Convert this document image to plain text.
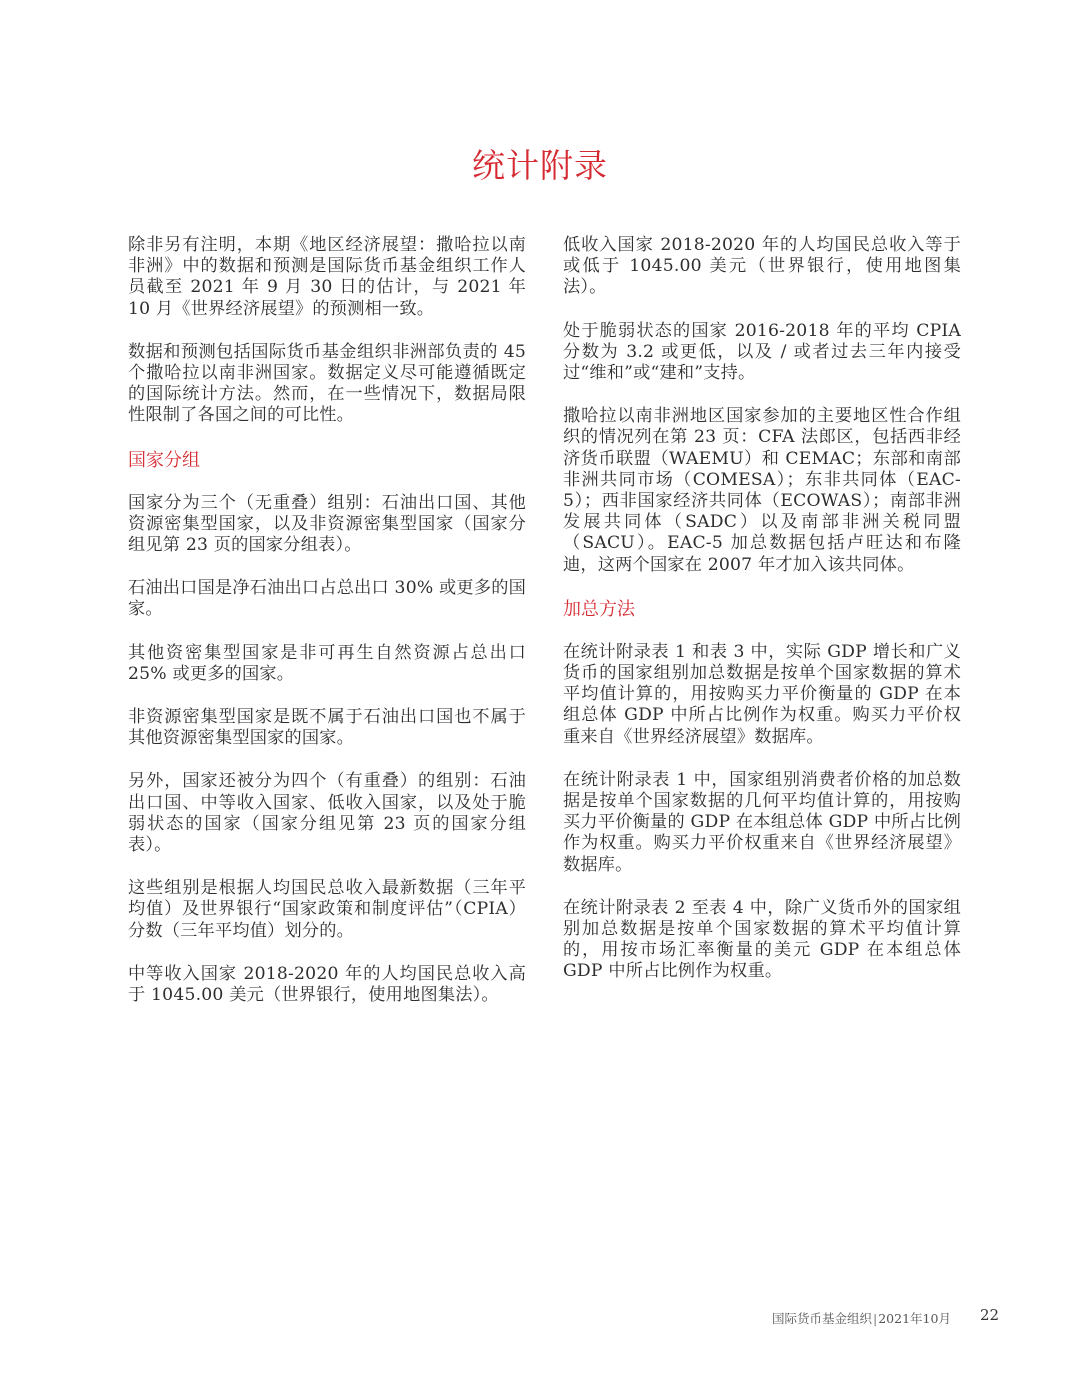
统计附录

除非另有注明，本期《地区经济展望：撒哈拉以南非洲》中的数据和预测是国际货币基金组织工作人员截至 2021 年 9 月 30 日的估计，与 2021 年 10 月《世界经济展望》的预测相一致。

数据和预测包括国际货币基金组织非洲部负责的 45 个撒哈拉以南非洲国家。数据定义尽可能遵循既定的国际统计方法。然而，在一些情况下，数据局限性限制了各国之间的可比性。

国家分组

国家分为三个（无重叠）组别：石油出口国、其他资源密集型国家，以及非资源密集型国家（国家分组见第 23 页的国家分组表）。

石油出口国是净石油出口占总出口 30% 或更多的国家。

其他资密集型国家是非可再生自然资源占总出口 25% 或更多的国家。

非资源密集型国家是既不属于石油出口国也不属于其他资源密集型国家的国家。

另外，国家还被分为四个（有重叠）的组别：石油出口国、中等收入国家、低收入国家，以及处于脆弱状态的国家（国家分组见第 23 页的国家分组表）。

这些组别是根据人均国民总收入最新数据（三年平均值）及世界银行“国家政策和制度评估”（CPIA）分数（三年平均值）划分的。

中等收入国家 2018-2020 年的人均国民总收入高于 1045.00 美元（世界银行，使用地图集法）。

低收入国家 2018-2020 年的人均国民总收入等于或低于 1045.00 美元（世界银行，使用地图集法）。

处于脆弱状态的国家 2016-2018 年的平均 CPIA 分数为 3.2 或更低，以及 / 或者过去三年内接受过“维和”或“建和”支持。

撒哈拉以南非洲地区国家参加的主要地区性合作组织的情况列在第 23 页：CFA 法郎区，包括西非经济货币联盟（WAEMU）和 CEMAC；东部和南部非洲共同市场（COMESA）；东非共同体（EAC-5）；西非国家经济共同体（ECOWAS）；南部非洲发展共同体（SADC）以及南部非洲关税同盟（SACU）。EAC-5 加总数据包括卢旺达和布隆迪，这两个国家在 2007 年才加入该共同体。

加总方法

在统计附录表 1 和表 3 中，实际 GDP 增长和广义货币的国家组别加总数据是按单个国家数据的算术平均值计算的，用按购买力平价衡量的 GDP 在本组总体 GDP 中所占比例作为权重。购买力平价权重来自《世界经济展望》数据库。

在统计附录表 1 中，国家组别消费者价格的加总数据是按单个国家数据的几何平均值计算的，用按购买力平价衡量的 GDP 在本组总体 GDP 中所占比例作为权重。购买力平价权重来自《世界经济展望》数据库。

在统计附录表 2 至表 4 中，除广义货币外的国家组别加总数据是按单个国家数据的算术平均值计算的，用按市场汇率衡量的美元 GDP 在本组总体 GDP 中所占比例作为权重。

国际货币基金组织|2021年10月 22
